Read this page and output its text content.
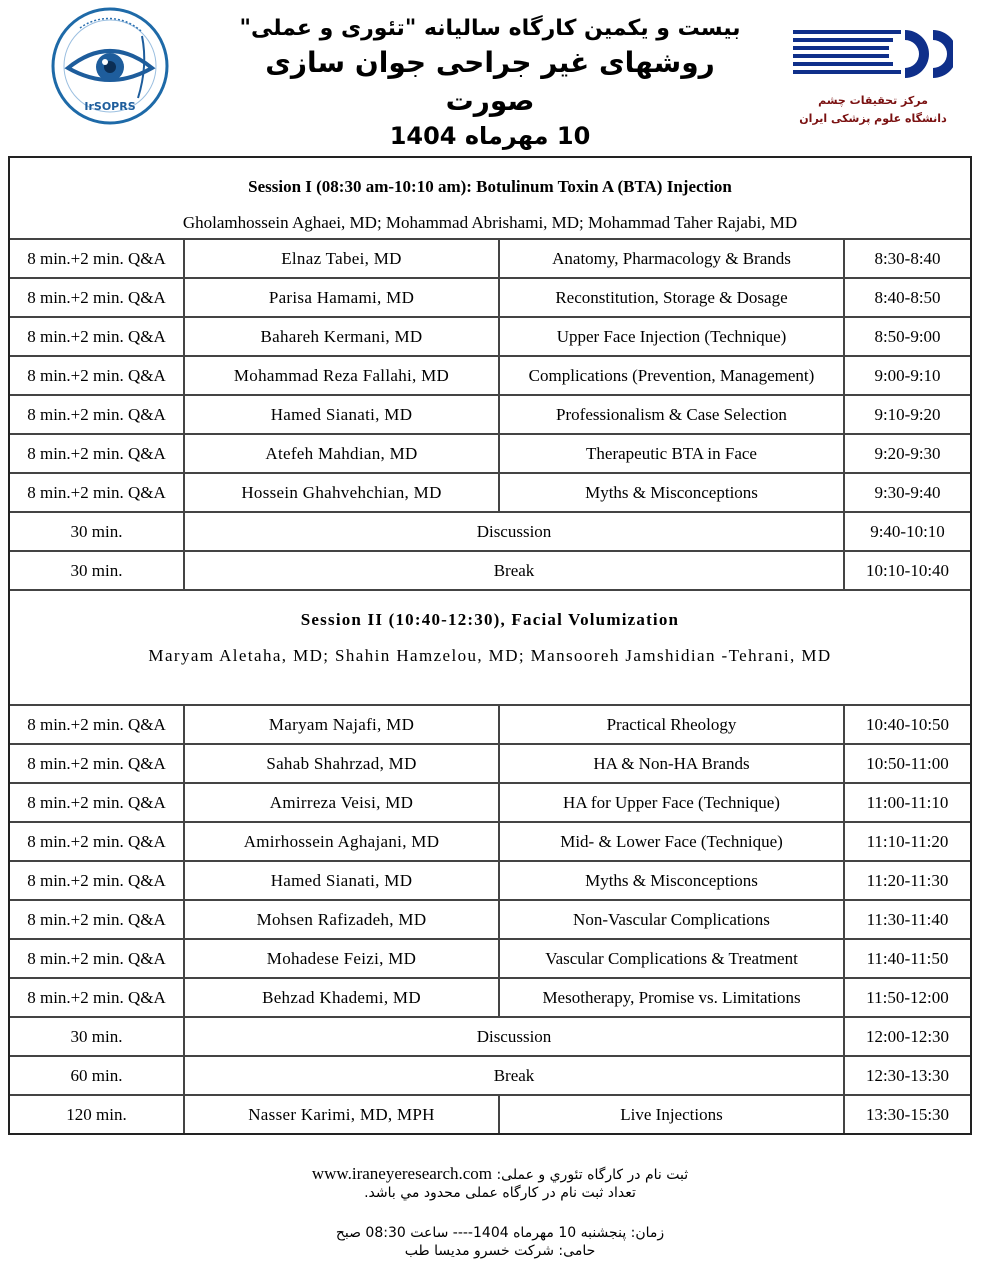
IrSOPRS

بیست و یکمین کارگاه سالیانه "تئوری و عملی"

روشهای غیر جراحی جوان سازی صورت

10 مهرماه 1404

مرکز تحقیقات چشم
دانشگاه علوم پزشکی ایران
Session I (08:30 am-10:10 am): Botulinum Toxin A (BTA) Injection
Gholamhossein Aghaei, MD; Mohammad Abrishami, MD; Mohammad Taher Rajabi, MD
8 min.+2 min. Q&A	Elnaz Tabei, MD	Anatomy, Pharmacology & Brands	8:30-8:40
8 min.+2 min. Q&A	Parisa Hamami, MD	Reconstitution, Storage & Dosage	8:40-8:50
8 min.+2 min. Q&A	Bahareh Kermani, MD	Upper Face Injection (Technique)	8:50-9:00
8 min.+2 min. Q&A	Mohammad Reza Fallahi, MD	Complications (Prevention, Management)	9:00-9:10
8 min.+2 min. Q&A	Hamed Sianati, MD	Professionalism & Case Selection	9:10-9:20
8 min.+2 min. Q&A	Atefeh Mahdian, MD	Therapeutic BTA in Face	9:20-9:30
8 min.+2 min. Q&A	Hossein Ghahvehchian, MD	Myths & Misconceptions	9:30-9:40
30 min.	Discussion	9:40-10:10
30 min.	Break	10:10-10:40
Session II (10:40-12:30), Facial Volumization
Maryam Aletaha, MD; Shahin Hamzelou, MD; Mansooreh Jamshidian -Tehrani, MD
8 min.+2 min. Q&A	Maryam Najafi, MD	Practical Rheology	10:40-10:50
8 min.+2 min. Q&A	Sahab Shahrzad, MD	HA & Non-HA Brands	10:50-11:00
8 min.+2 min. Q&A	Amirreza Veisi, MD	HA for Upper Face (Technique)	11:00-11:10
8 min.+2 min. Q&A	Amirhossein Aghajani, MD	Mid- & Lower Face (Technique)	11:10-11:20
8 min.+2 min. Q&A	Hamed Sianati, MD	Myths & Misconceptions	11:20-11:30
8 min.+2 min. Q&A	Mohsen Rafizadeh, MD	Non-Vascular Complications	11:30-11:40
8 min.+2 min. Q&A	Mohadese Feizi, MD	Vascular Complications & Treatment	11:40-11:50
8 min.+2 min. Q&A	Behzad Khademi, MD	Mesotherapy, Promise vs. Limitations	11:50-12:00
30 min.	Discussion	12:00-12:30
60 min.	Break	12:30-13:30
120 min.	Nasser Karimi, MD, MPH	Live Injections	13:30-15:30
ثبت نام در کارگاه تئوري و عملی: www.iraneyeresearch.com
تعداد ثبت نام در کارگاه عملی محدود مي باشد.
زمان: پنجشنبه 10 مهرماه 1404---- ساعت 08:30 صبح
حامی: شرکت خسرو مدیسا طب
